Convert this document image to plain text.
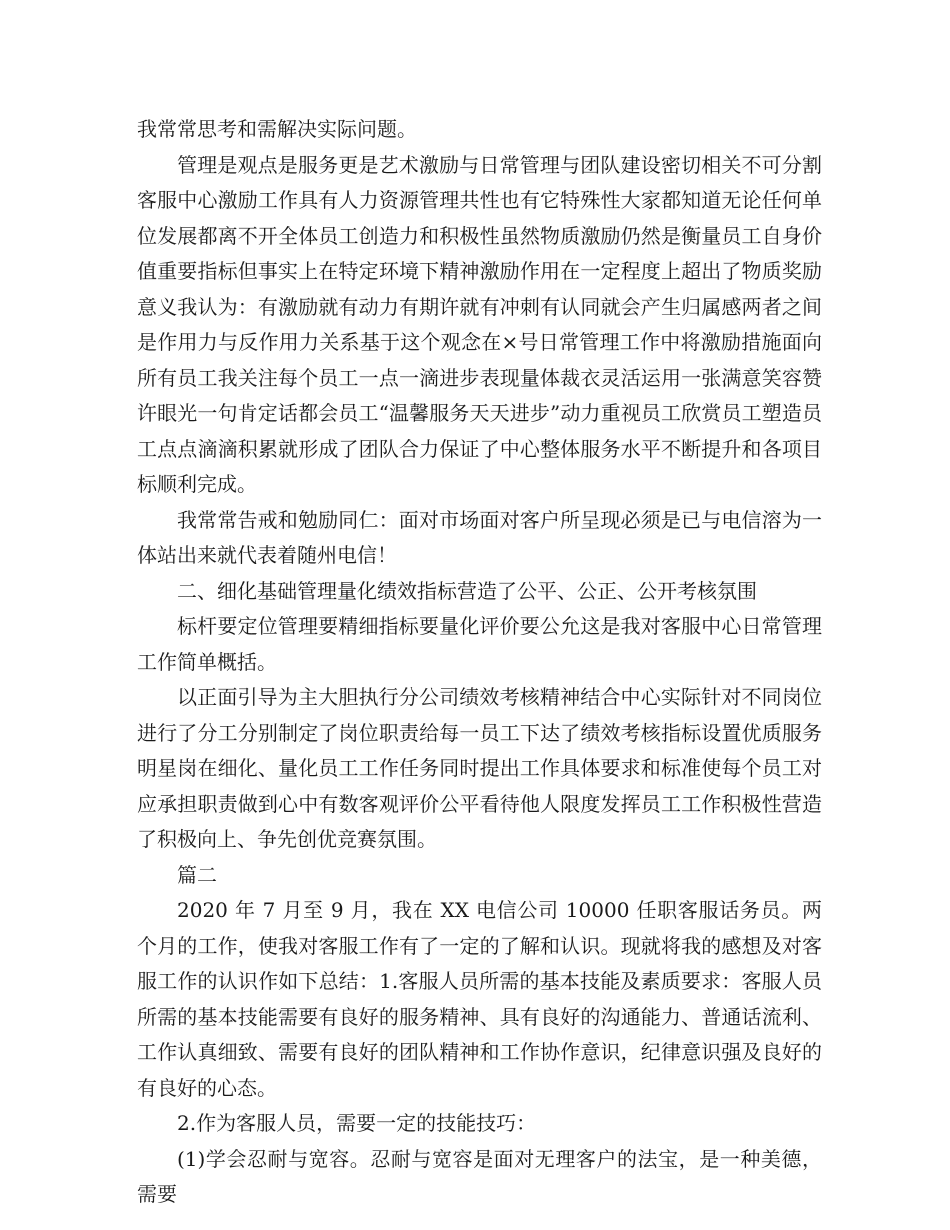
我常常思考和需解决实际问题。

管理是观点是服务更是艺术激励与日常管理与团队建设密切相关不可分割客服中心激励工作具有人力资源管理共性也有它特殊性大家都知道无论任何单位发展都离不开全体员工创造力和积极性虽然物质激励仍然是衡量员工自身价值重要指标但事实上在特定环境下精神激励作用在一定程度上超出了物质奖励意义我认为：有激励就有动力有期许就有冲刺有认同就会产生归属感两者之间是作用力与反作用力关系基于这个观念在×号日常管理工作中将激励措施面向所有员工我关注每个员工一点一滴进步表现量体裁衣灵活运用一张满意笑容赞许眼光一句肯定话都会员工“温馨服务天天进步”动力重视员工欣赏员工塑造员工点点滴滴积累就形成了团队合力保证了中心整体服务水平不断提升和各项目标顺利完成。

我常常告戒和勉励同仁：面对市场面对客户所呈现必须是已与电信溶为一体站出来就代表着随州电信！

二、细化基础管理量化绩效指标营造了公平、公正、公开考核氛围

标杆要定位管理要精细指标要量化评价要公允这是我对客服中心日常管理工作简单概括。

以正面引导为主大胆执行分公司绩效考核精神结合中心实际针对不同岗位进行了分工分别制定了岗位职责给每一员工下达了绩效考核指标设置优质服务明星岗在细化、量化员工工作任务同时提出工作具体要求和标准使每个员工对应承担职责做到心中有数客观评价公平看待他人限度发挥员工工作积极性营造了积极向上、争先创优竞赛氛围。

篇二

2020 年 7 月至 9 月，我在 XX 电信公司 10000 任职客服话务员。两个月的工作，使我对客服工作有了一定的了解和认识。现就将我的感想及对客服工作的认识作如下总结：1.客服人员所需的基本技能及素质要求：客服人员所需的基本技能需要有良好的服务精神、具有良好的沟通能力、普通话流利、工作认真细致、需要有良好的团队精神和工作协作意识，纪律意识强及良好的有良好的心态。

2.作为客服人员，需要一定的技能技巧：

(1)学会忍耐与宽容。忍耐与宽容是面对无理客户的法宝，是一种美德，需要
